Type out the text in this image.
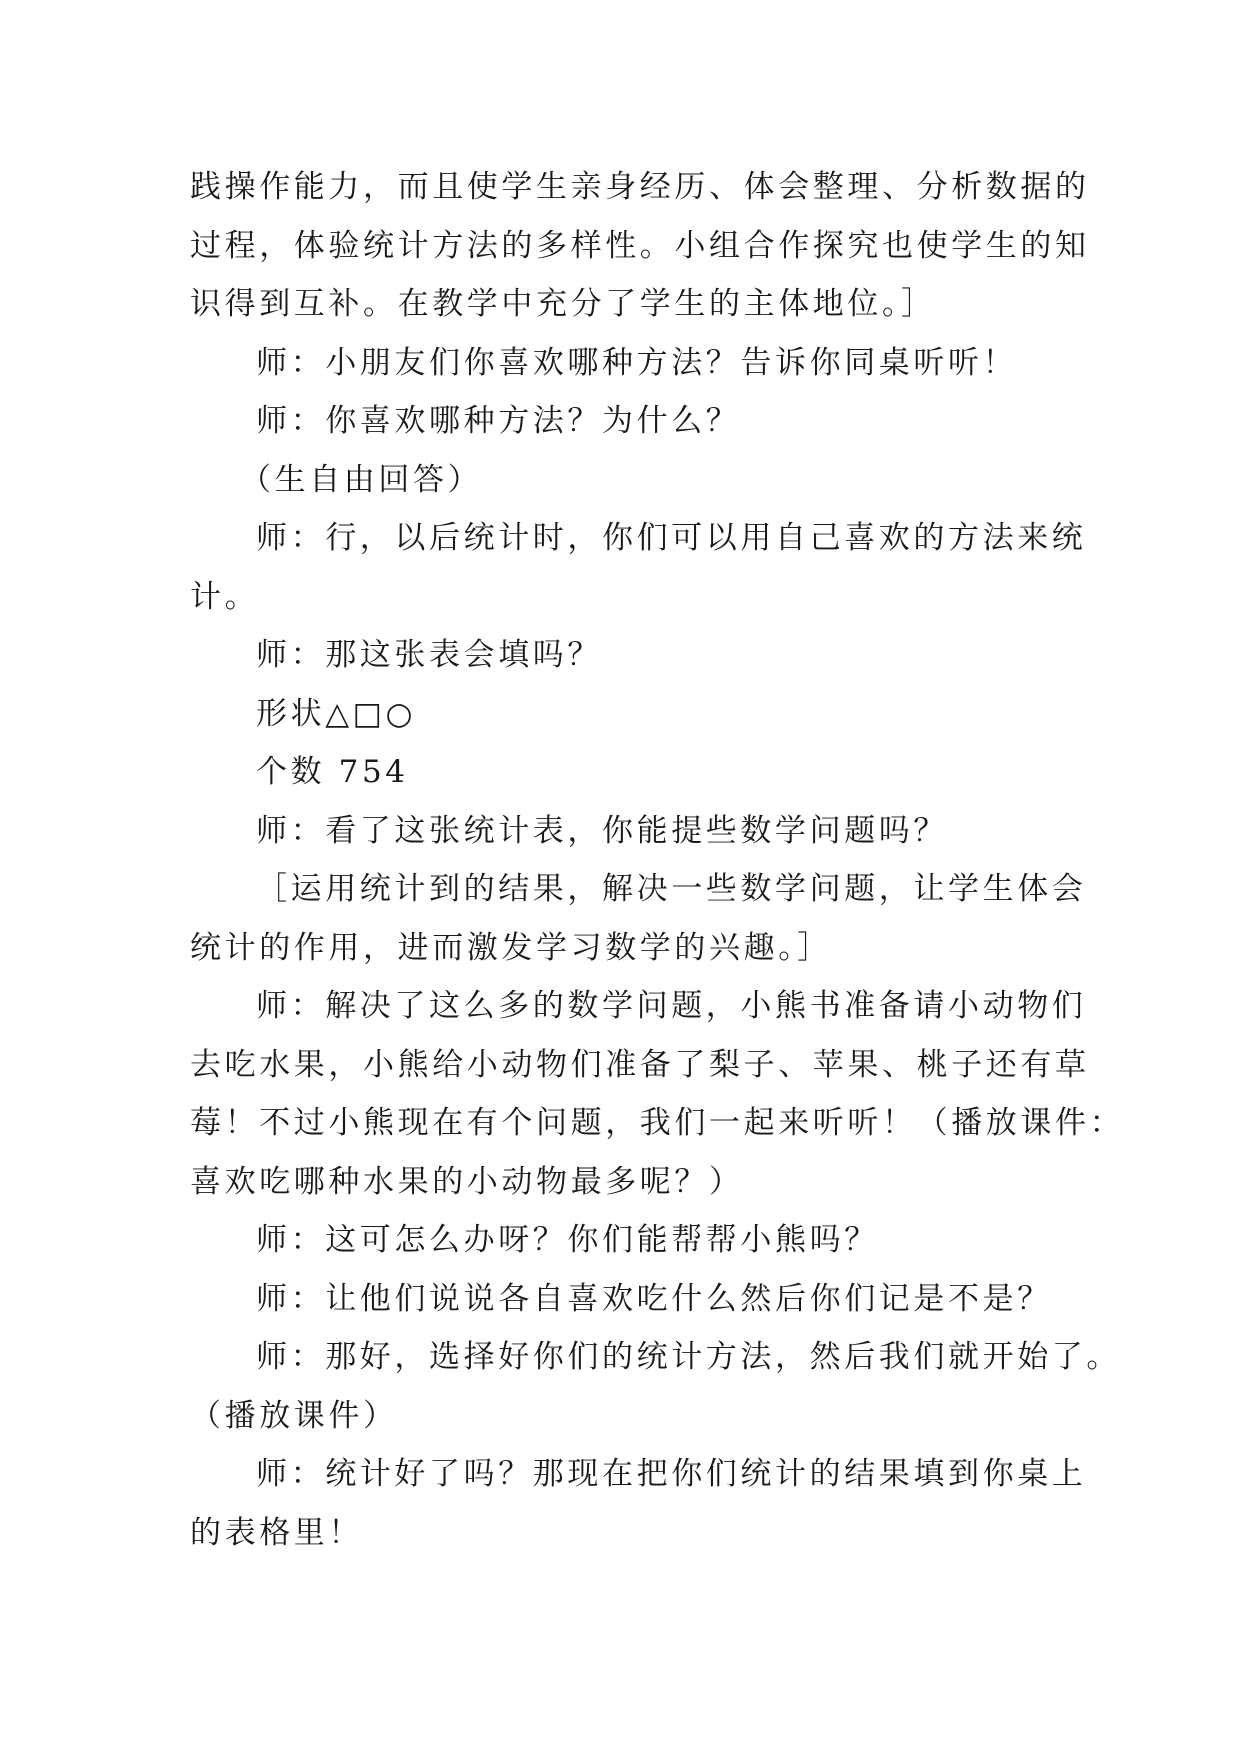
践操作能力，而且使学生亲身经历、体会整理、分析数据的
过程，体验统计方法的多样性。小组合作探究也使学生的知
识得到互补。在教学中充分了学生的主体地位。］
师：小朋友们你喜欢哪种方法？告诉你同桌听听！
师：你喜欢哪种方法？为什么？
（生自由回答）
师：行，以后统计时，你们可以用自己喜欢的方法来统
计。
师：那这张表会填吗？
形状△□○
个数 754
师：看了这张统计表，你能提些数学问题吗？
［运用统计到的结果，解决一些数学问题，让学生体会
统计的作用，进而激发学习数学的兴趣。］
师：解决了这么多的数学问题，小熊书准备请小动物们
去吃水果，小熊给小动物们准备了梨子、苹果、桃子还有草
莓！不过小熊现在有个问题，我们一起来听听！（播放课件：
喜欢吃哪种水果的小动物最多呢？）
师：这可怎么办呀？你们能帮帮小熊吗？
师：让他们说说各自喜欢吃什么然后你们记是不是？
师：那好，选择好你们的统计方法，然后我们就开始了。
（播放课件）
师：统计好了吗？那现在把你们统计的结果填到你桌上
的表格里！
